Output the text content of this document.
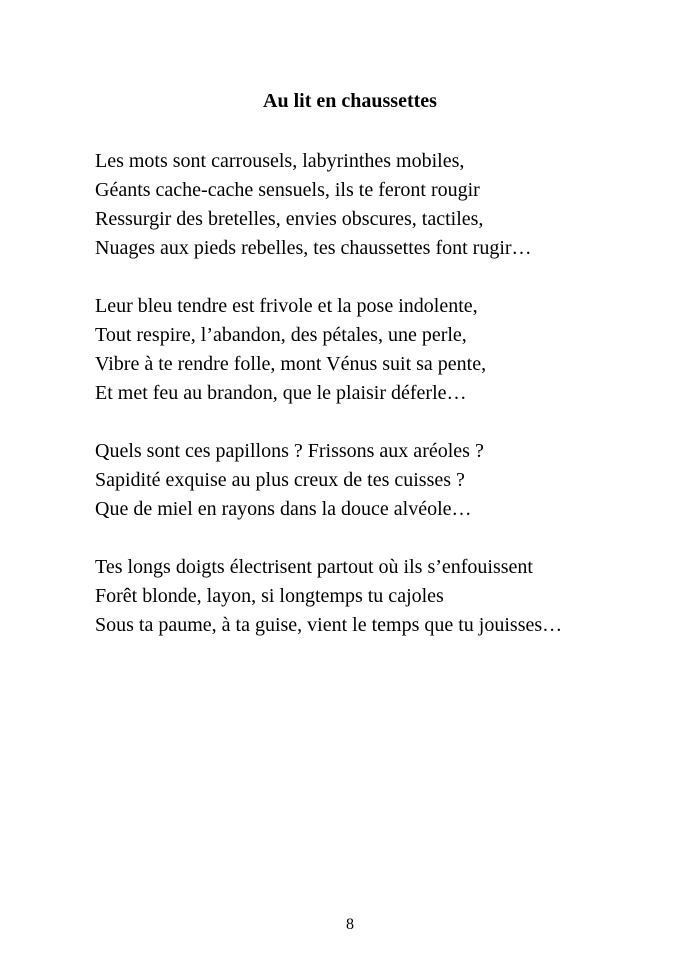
Au lit en chaussettes
Les mots sont carrousels, labyrinthes mobiles,
Géants cache-cache sensuels, ils te feront rougir
Ressurgir des bretelles, envies obscures, tactiles,
Nuages aux pieds rebelles, tes chaussettes font rugir…
Leur bleu tendre est frivole et la pose indolente,
Tout respire, l’abandon, des pétales, une perle,
Vibre à te rendre folle, mont Vénus suit sa pente,
Et met feu au brandon, que le plaisir déferle…
Quels sont ces papillons ? Frissons aux aréoles ?
Sapidité exquise au plus creux de tes cuisses ?
Que de miel en rayons dans la douce alvéole…
Tes longs doigts électrisent partout où ils s’enfouissent
Forêt blonde, layon, si longtemps tu cajoles
Sous ta paume, à ta guise, vient le temps que tu jouisses…
8
